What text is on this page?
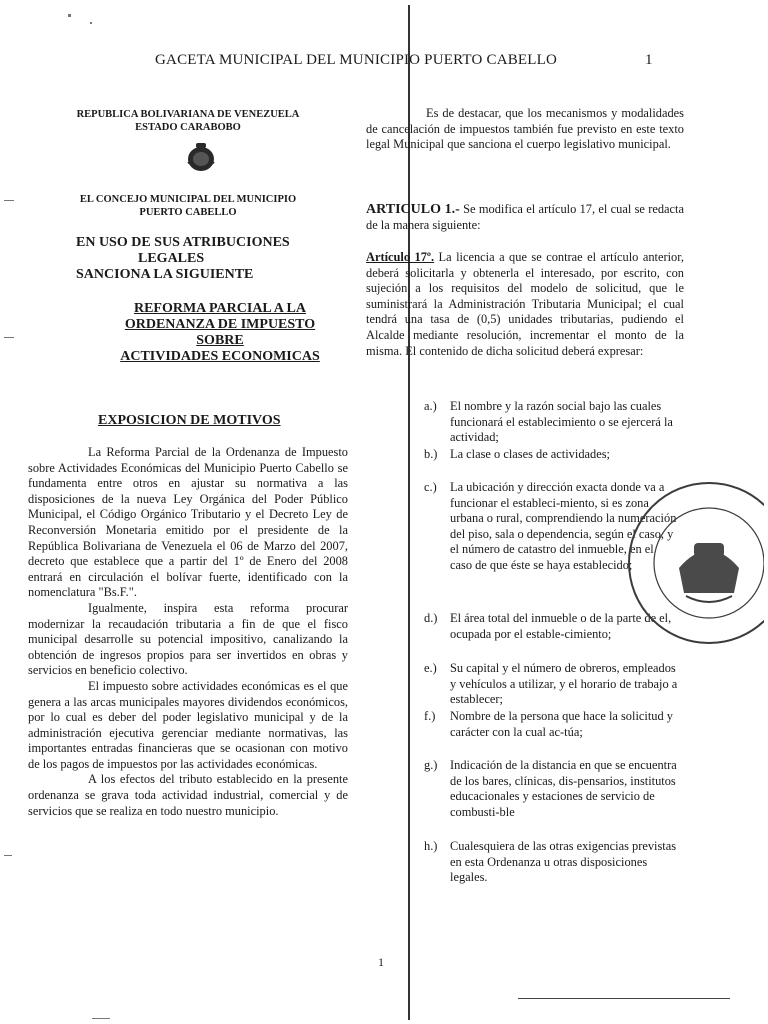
GACETA MUNICIPAL DEL MUNICIPIO PUERTO CABELLO	1
REPUBLICA BOLIVARIANA DE VENEZUELA
ESTADO CARABOBO
EL CONCEJO MUNICIPAL DEL MUNICIPIO
PUERTO CABELLO
EN USO DE SUS ATRIBUCIONES
LEGALES
SANCIONA LA SIGUIENTE
REFORMA PARCIAL A LA
ORDENANZA DE IMPUESTO
SOBRE
ACTIVIDADES ECONOMICAS
EXPOSICION DE MOTIVOS

La Reforma Parcial de la Ordenanza de Impuesto sobre Actividades Económicas del Municipio Puerto Cabello se fundamenta entre otros en ajustar su normativa a las disposiciones de la nueva Ley Orgánica del Poder Público Municipal, el Código Orgánico Tributario y el Decreto Ley de Reconversión Monetaria emitido por el presidente de la República Bolivariana de Venezuela el 06 de Marzo del 2007, decreto que establece que a partir del 1º de Enero del 2008 entrará en circulación el bolívar fuerte, identificado con la nomenclatura "Bs.F.".

Igualmente, inspira esta reforma procurar modernizar la recaudación tributaria a fin de que el fisco municipal desarrolle su potencial impositivo, canalizando la obtención de ingresos propios para ser invertidos en obras y servicios en beneficio colectivo.

El impuesto sobre actividades económicas es el que genera a las arcas municipales mayores dividendos económicos, por lo cual es deber del poder legislativo municipal y de la administración ejecutiva gerenciar mediante normativas, las importantes entradas financieras que se ocasionan con motivo de los pagos de impuestos por las actividades económicas.

A los efectos del tributo establecido en la presente ordenanza se grava toda actividad industrial, comercial y de servicios que se realiza en todo nuestro municipio.

Es de destacar, que los mecanismos y modalidades de cancelación de impuestos también fue previsto en este texto legal Municipal que sanciona el cuerpo legislativo municipal.

ARTICULO 1.- Se modifica el artículo 17, el cual se redacta de la manera siguiente:

Artículo 17º. La licencia a que se contrae el artículo anterior, deberá solicitarla y obtenerla el interesado, por escrito, con sujeción a los requisitos del modelo de solicitud, que le suministrará la Administración Tributaria Municipal; el cual tendrá una tasa de (0,5) unidades tributarias, pudiendo el Alcalde mediante resolución, incrementar el monto de la misma. El contenido de dicha solicitud deberá expresar:

a.) El nombre y la razón social bajo las cuales funcionará el establecimiento o se ejercerá la actividad;
b.) La clase o clases de actividades;
c.) La ubicación y dirección exacta donde va a funcionar el estableci-miento, si es zona urbana o rural, comprendiendo la numeración del piso, sala o dependencia, según el caso, y el número de catastro del inmueble, en el caso de que éste se haya establecido;
d.) El área total del inmueble o de la parte de el, ocupada por el estable-cimiento;
e.) Su capital y el número de obreros, empleados y vehículos a utilizar, y el horario de trabajo a establecer;
f.) Nombre de la persona que hace la solicitud y carácter con la cual ac-túa;
g.) Indicación de la distancia en que se encuentra de los bares, clínicas, dis-pensarios, institutos educacionales y estaciones de servicio de combusti-ble
h.) Cualesquiera de las otras exigencias previstas en esta Ordenanza u otras disposiciones legales.
1
